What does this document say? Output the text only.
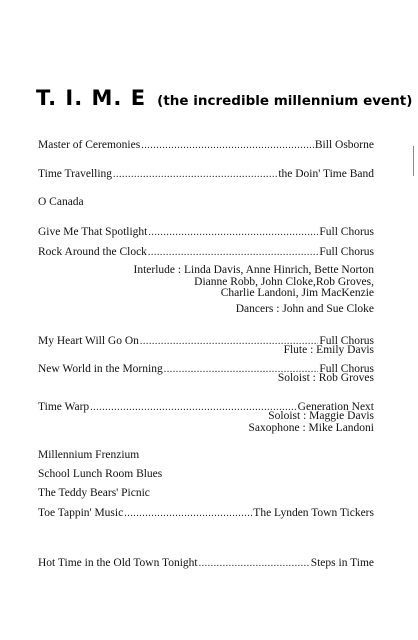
T. I. M. E (the incredible millennium event)
Master of Ceremonies .....	Bill Osborne
Time Travelling .....	the Doin' Time Band
O Canada
Give Me That Spotlight .....	Full Chorus
Rock Around the Clock .....	Full Chorus
Interlude : Linda Davis, Anne Hinrich, Bette Norton
Dianne Robb, John Cloke,Rob Groves,
Charlie Landoni, Jim MacKenzie
Dancers : John and Sue Cloke
My Heart Will Go On .....	Full Chorus
Flute : Emily Davis
New World in the Morning .....	Full Chorus
Soloist : Rob Groves
Time Warp .....	Generation Next
Soloist : Maggie Davis
Saxophone : Mike Landoni
Millennium Frenzium
School Lunch Room Blues
The Teddy Bears' Picnic
Toe Tappin' Music .....	The Lynden Town Tickers
Hot Time in the Old Town Tonight .....	Steps in Time
